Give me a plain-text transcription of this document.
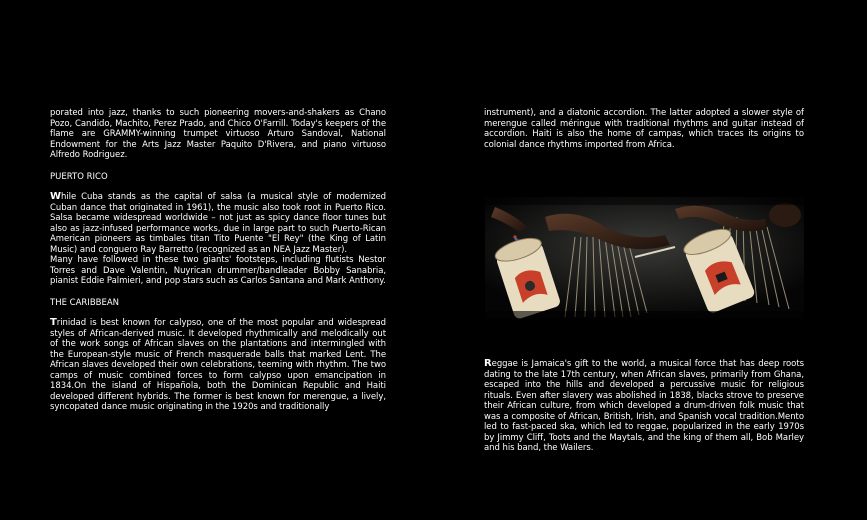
porated into jazz, thanks to such pioneering movers-and-shakers as Chano Pozo, Candido, Machito, Perez Prado, and Chico O'Farrill. Today's keepers of the flame are GRAMMY-winning trumpet virtuoso Arturo Sandoval, National Endowment for the Arts Jazz Master Paquito D'Rivera, and piano virtuoso Alfredo Rodriguez.

PUERTO RICO

While Cuba stands as the capital of salsa (a musical style of modernized Cuban dance that originated in 1961), the music also took root in Puerto Rico. Salsa became widespread worldwide – not just as spicy dance floor tunes but also as jazz-infused performance works, due in large part to such Puerto-Rican American pioneers as timbales titan Tito Puente "El Rey" (the King of Latin Music) and conguero Ray Barretto (recognized as an NEA Jazz Master).

Many have followed in these two giants' footsteps, including flutists Nestor Torres and Dave Valentin, Nuyrican drummer/bandleader Bobby Sanabria, pianist Eddie Palmieri, and pop stars such as Carlos Santana and Mark Anthony.

THE CARIBBEAN

Trinidad is best known for calypso, one of the most popular and widespread styles of African-derived music. It developed rhythmically and melodically out of the work songs of African slaves on the plantations and intermingled with the European-style music of French masquerade balls that marked Lent. The African slaves developed their own celebrations, teeming with rhythm. The two camps of music combined forces to form calypso upon emancipation in 1834.On the island of Hispañola, both the Dominican Republic and Haiti developed different hybrids. The former is best known for merengue, a lively, syncopated dance music originating in the 1920s and traditionally

instrument), and a diatonic accordion. The latter adopted a slower style of merengue called méringue with traditional rhythms and guitar instead of accordion. Haiti is also the home of campas, which traces its origins to colonial dance rhythms imported from Africa.

Reggae is Jamaica's gift to the world, a musical force that has deep roots dating to the late 17th century, when African slaves, primarily from Ghana, escaped into the hills and developed a percussive music for religious rituals. Even after slavery was abolished in 1838, blacks strove to preserve their African culture, from which developed a drum-driven folk music that was a composite of African, British, Irish, and Spanish vocal tradition.Mento led to fast-paced ska, which led to reggae, popularized in the early 1970s by Jimmy Cliff, Toots and the Maytals, and the king of them all, Bob Marley and his band, the Wailers.
